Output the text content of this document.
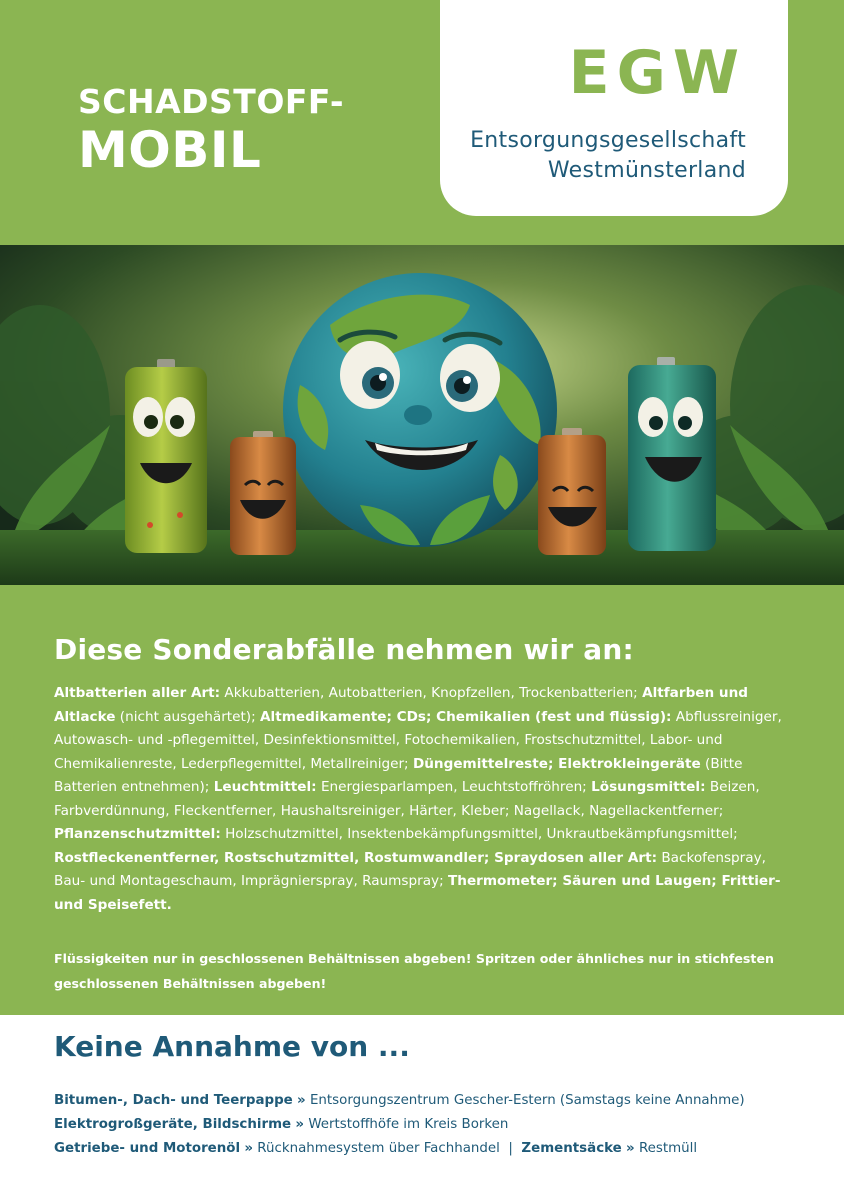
SCHADSTOFF-
MOBIL
EGW
Entsorgungsgesellschaft
Westmünsterland
Diese Sonderabfälle nehmen wir an:

Altbatterien aller Art: Akkubatterien, Autobatterien, Knopfzellen, Trockenbatterien; Altfarben und Altlacke (nicht ausgehärtet); Altmedikamente; CDs; Chemikalien (fest und flüssig): Abflussreiniger, Autowasch- und -pflegemittel, Desinfektionsmittel, Fotochemikalien, Frostschutzmittel, Labor- und Chemikalienreste, Lederpflegemittel, Metallreiniger; Düngemittelreste; Elektrokleingeräte (Bitte Batterien entnehmen); Leuchtmittel: Energiesparlampen, Leuchtstoffröhren; Lösungsmittel: Beizen, Farbverdünnung, Fleckentferner, Haushaltsreiniger, Härter, Kleber; Nagellack, Nagellackentferner; Pflanzenschutzmittel: Holzschutzmittel, Insektenbekämpfungsmittel, Unkrautbekämpfungsmittel; Rostfleckenentferner, Rostschutzmittel, Rostumwandler; Spraydosen aller Art: Backofenspray, Bau- und Montageschaum, Imprägnierspray, Raumspray; Thermometer; Säuren und Laugen; Frittier- und Speisefett.

Flüssigkeiten nur in geschlossenen Behältnissen abgeben! Spritzen oder ähnliches nur in stichfesten geschlossenen Behältnissen abgeben!

Keine Annahme von ...
Bitumen-, Dach- und Teerpappe » Entsorgungszentrum Gescher-Estern (Samstags keine Annahme)
Elektrogroßgeräte, Bildschirme » Wertstoffhöfe im Kreis Borken
Getriebe- und Motorenöl » Rücknahmesystem über Fachhandel | Zementsäcke » Restmüll
